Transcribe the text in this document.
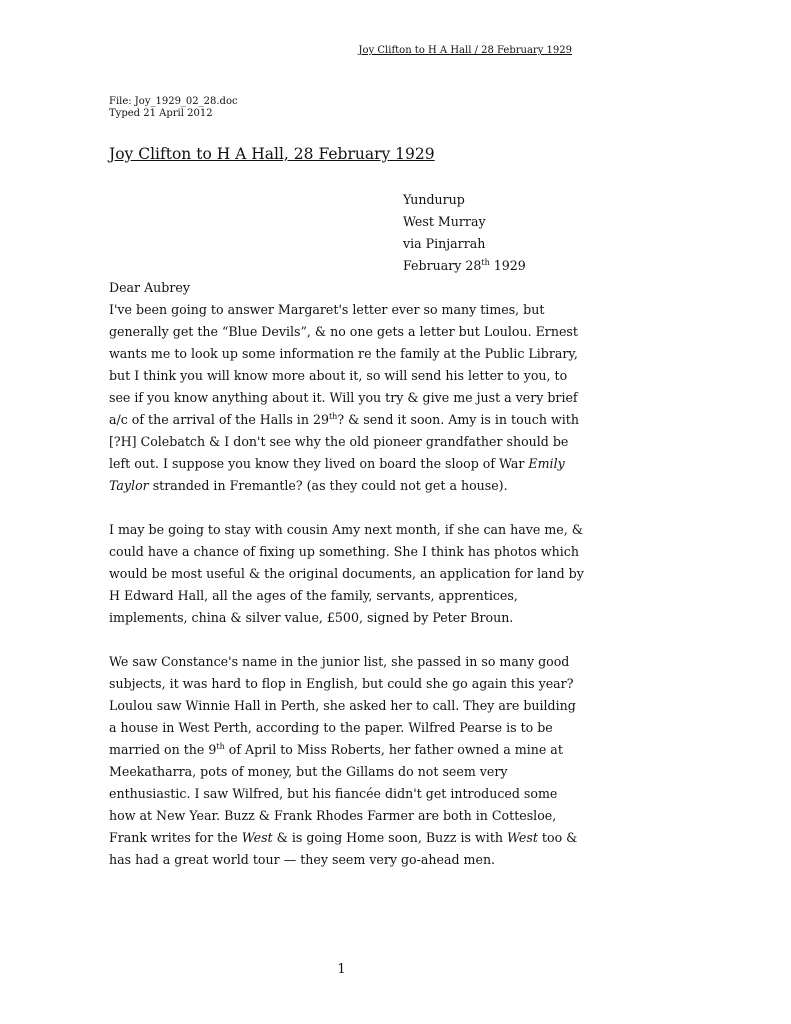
Joy Clifton to H A Hall / 28 February 1929
File: Joy_1929_02_28.doc
Typed 21 April 2012
Joy Clifton to H A Hall, 28 February 1929
Yundurup
West Murray
via Pinjarrah
February 28th 1929

Dear Aubrey

I've been going to answer Margaret's letter ever so many times, but generally get the “Blue Devils”, & no one gets a letter but Loulou. Ernest wants me to look up some information re the family at the Public Library, but I think you will know more about it, so will send his letter to you, to see if you know anything about it. Will you try & give me just a very brief a/c of the arrival of the Halls in 29th? & send it soon. Amy is in touch with [?H] Colebatch & I don't see why the old pioneer grandfather should be left out. I suppose you know they lived on board the sloop of War Emily Taylor stranded in Fremantle? (as they could not get a house).

I may be going to stay with cousin Amy next month, if she can have me, & could have a chance of fixing up something. She I think has photos which would be most useful & the original documents, an application for land by H Edward Hall, all the ages of the family, servants, apprentices, implements, china & silver value, £500, signed by Peter Broun.

We saw Constance's name in the junior list, she passed in so many good subjects, it was hard to flop in English, but could she go again this year? Loulou saw Winnie Hall in Perth, she asked her to call. They are building a house in West Perth, according to the paper. Wilfred Pearse is to be married on the 9th of April to Miss Roberts, her father owned a mine at Meekatharra, pots of money, but the Gillams do not seem very enthusiastic. I saw Wilfred, but his fiancée didn't get introduced some how at New Year. Buzz & Frank Rhodes Farmer are both in Cottesloe, Frank writes for the West & is going Home soon, Buzz is with West too & has had a great world tour — they seem very go-ahead men.

1
